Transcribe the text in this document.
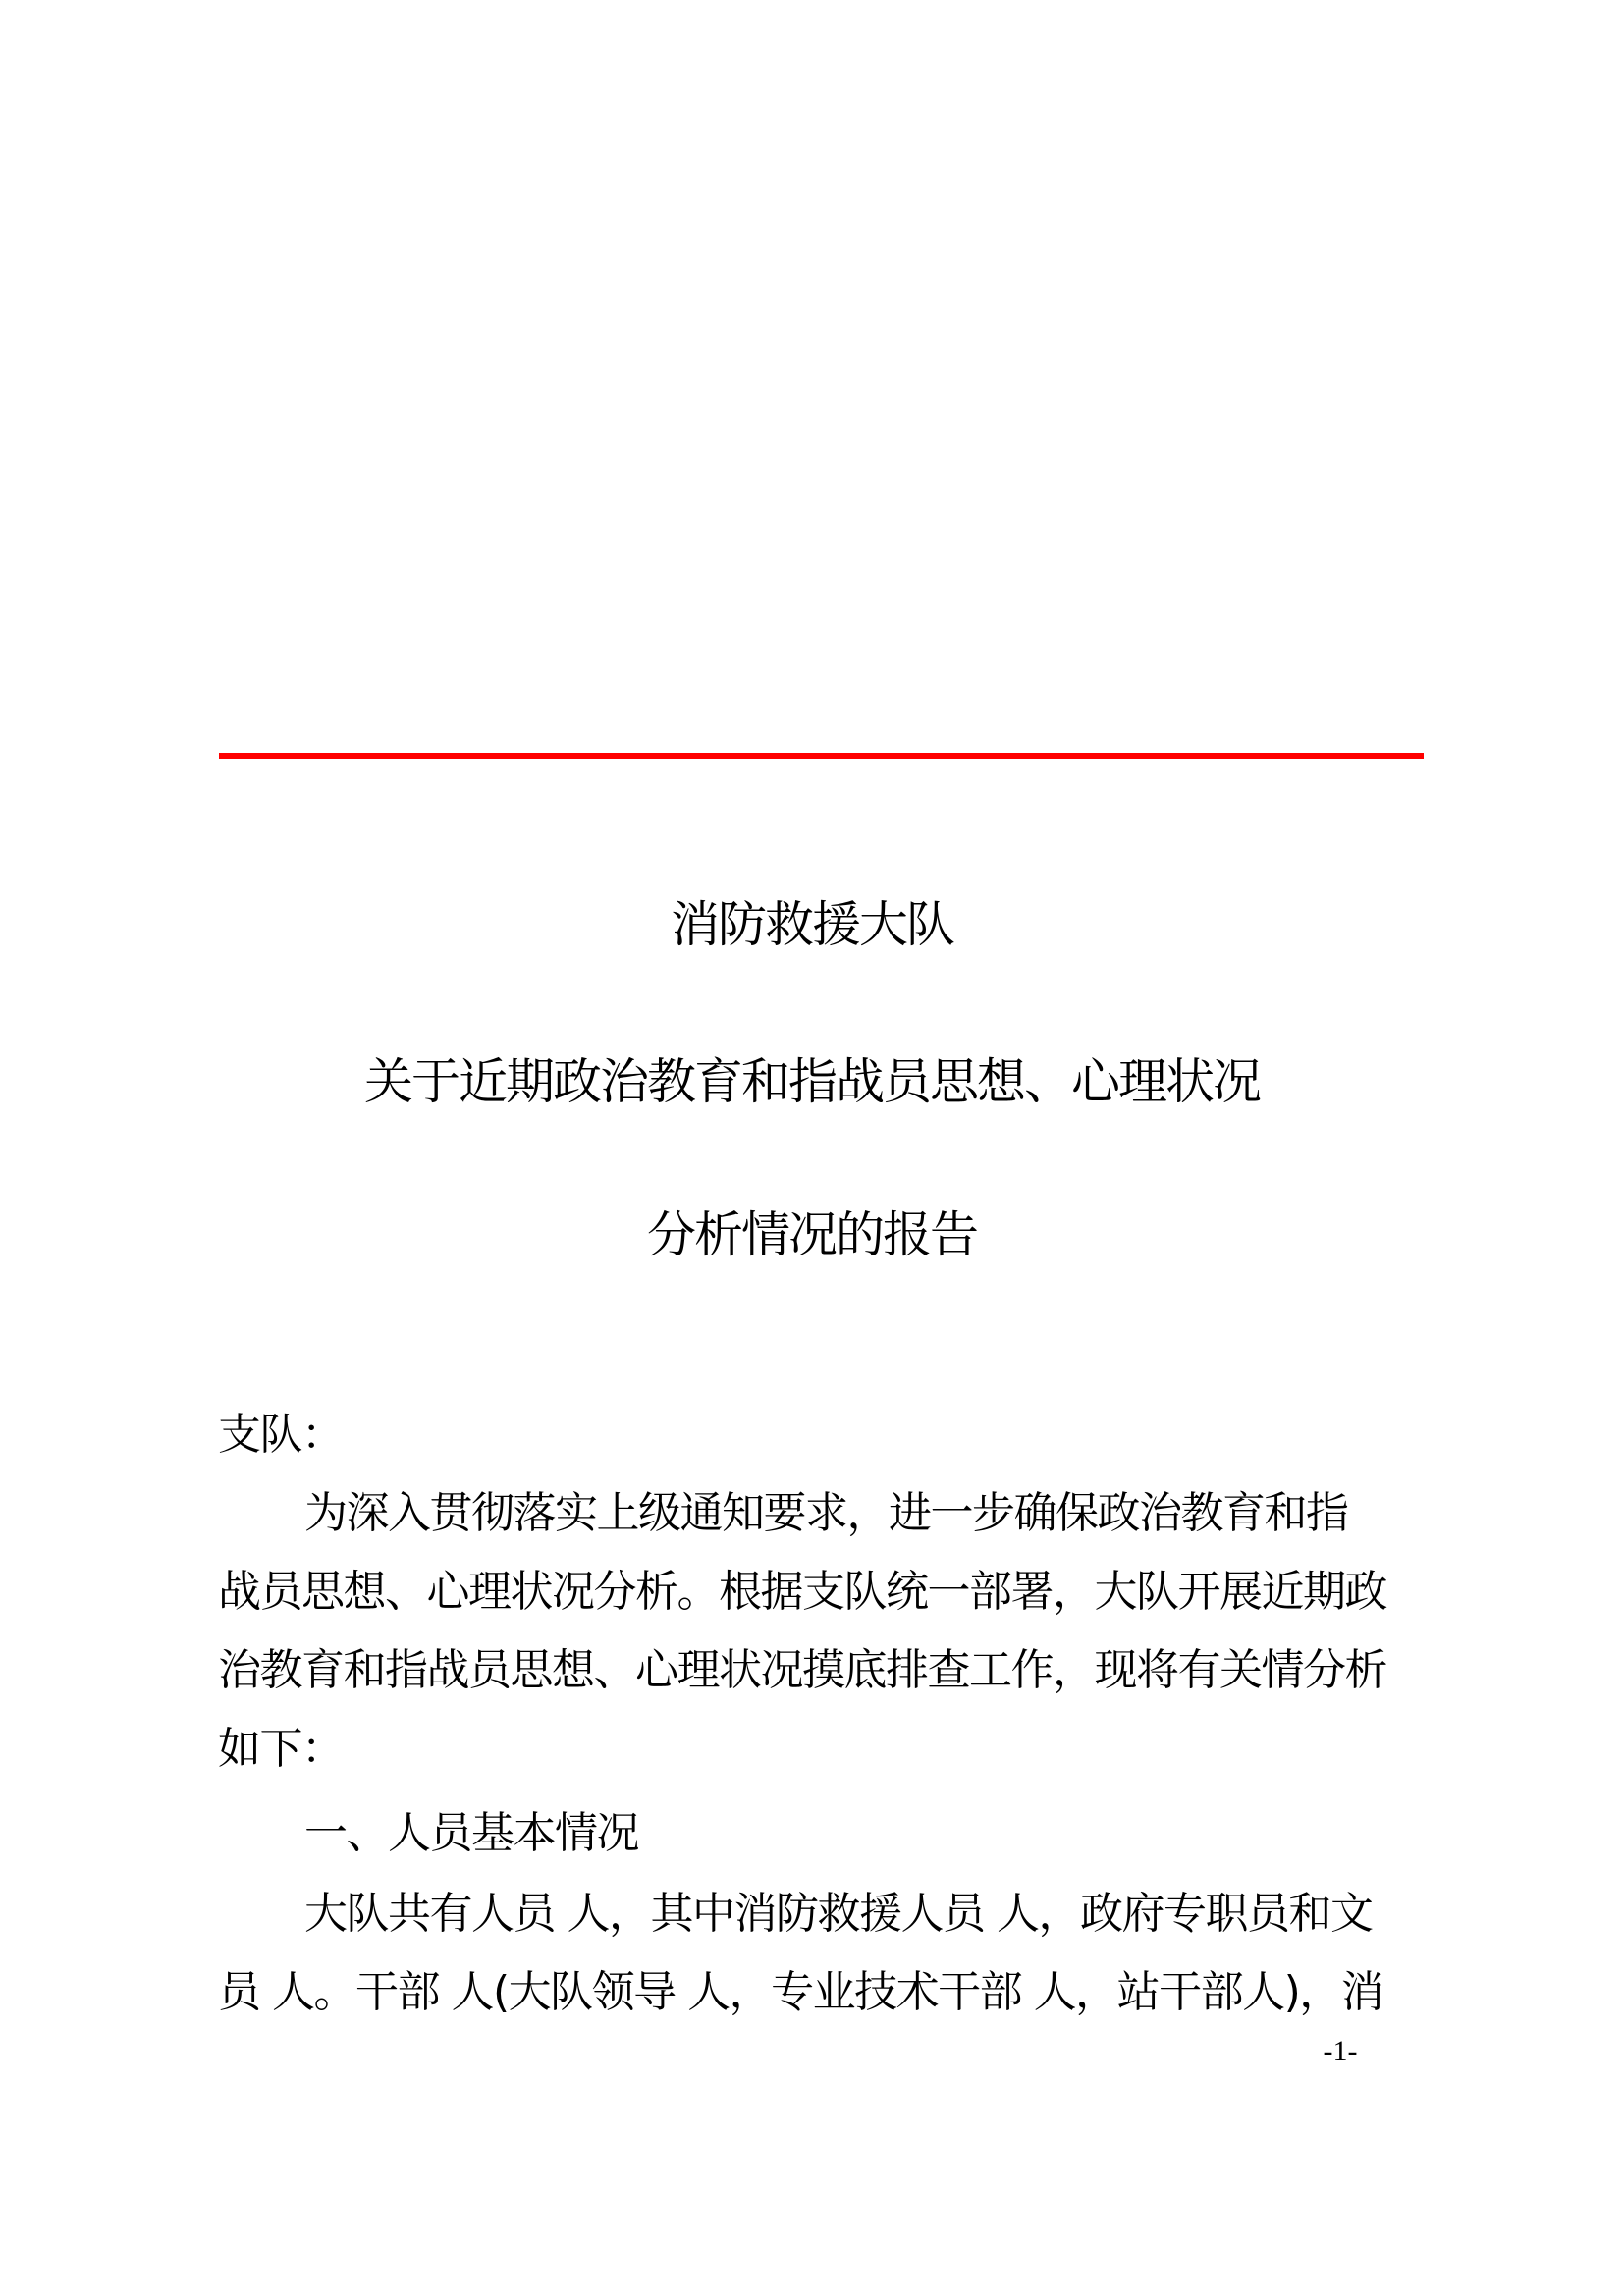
消防救援大队
关于近期政治教育和指战员思想、心理状况
分析情况的报告
支队：
为深入贯彻落实上级通知要求，进一步确保政治教育和指
战员思想、心理状况分析。根据支队统一部署，大队开展近期政
治教育和指战员思想、心理状况摸底排查工作，现将有关情分析
如下：
一、人员基本情况
大队共有人员 人，其中消防救援人员 人，政府专职员和文
员 人。干部 人(大队领导 人，专业技术干部 人，站干部人)，消
-1-
